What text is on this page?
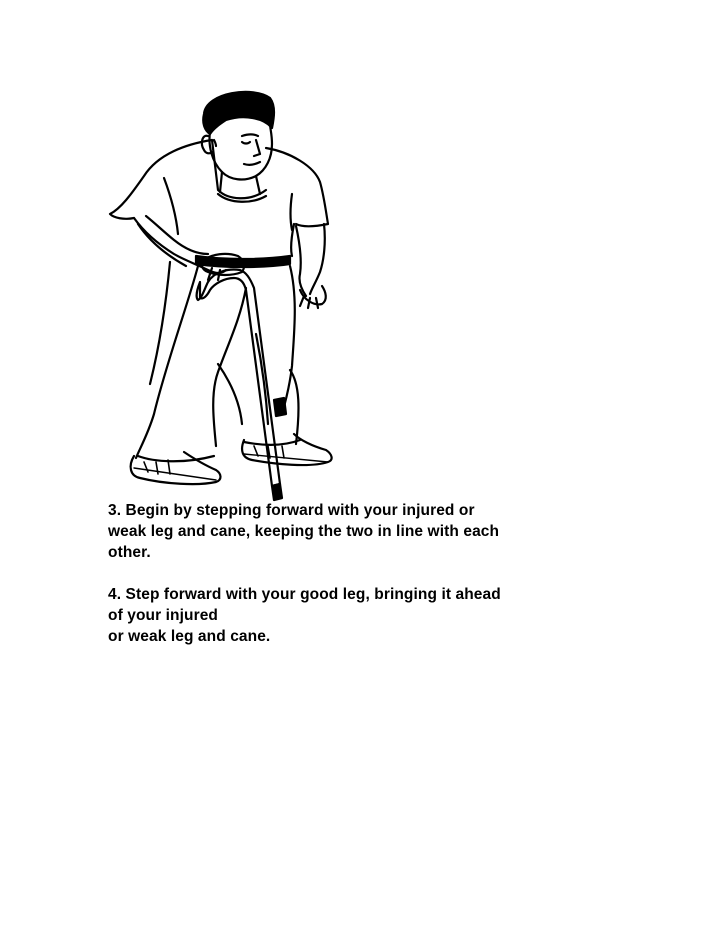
3. Begin by stepping forward with your injured or
weak leg and cane, keeping the two in line with each
other.

4. Step forward with your good leg, bringing it ahead
of your injured
or weak leg and cane.
